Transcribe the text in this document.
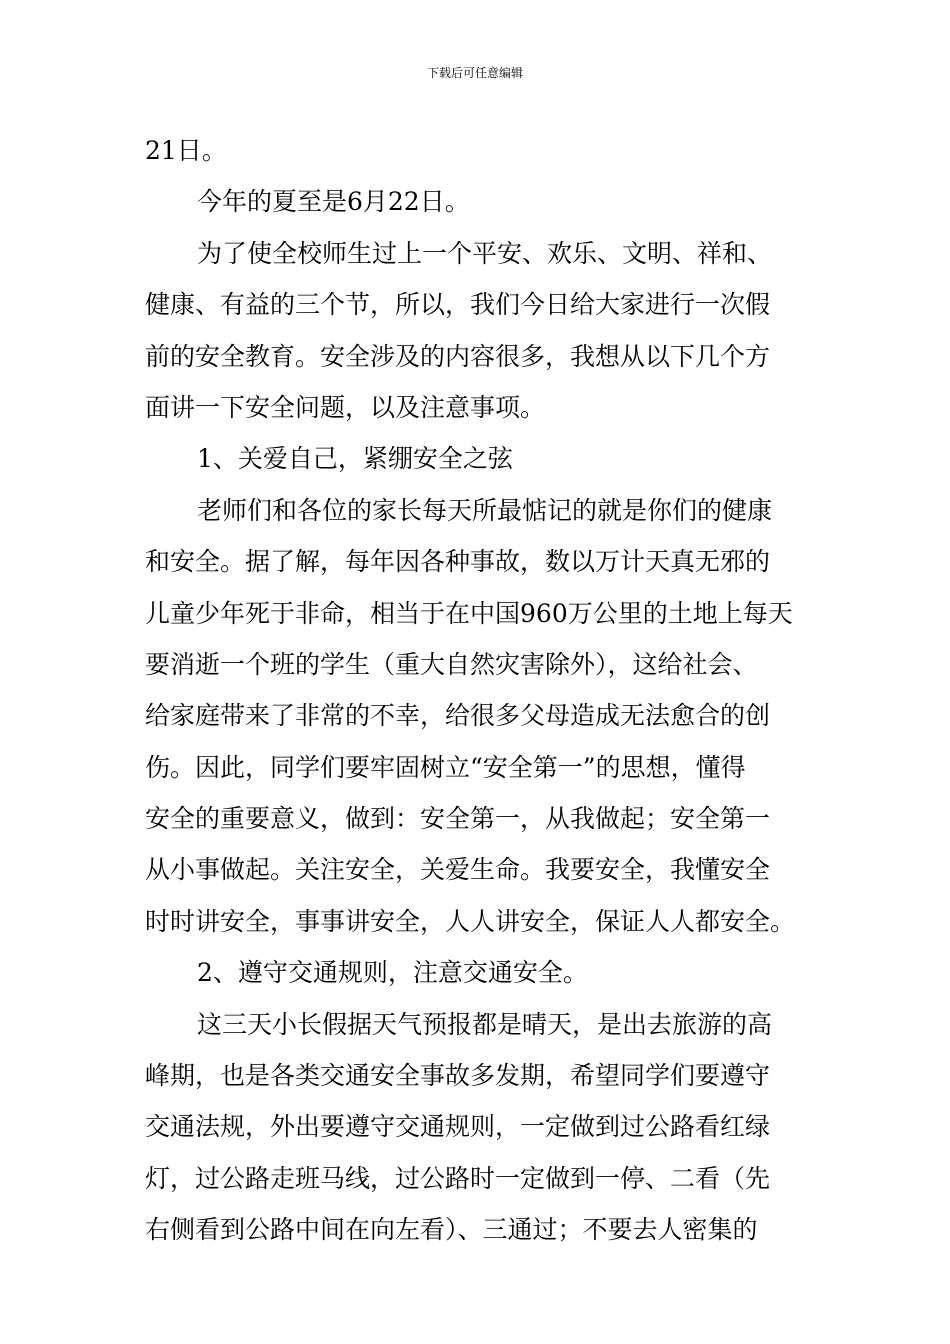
下载后可任意编辑
21日。
今年的夏至是6月22日。
为了使全校师生过上一个平安、欢乐、文明、祥和、
健康、有益的三个节，所以，我们今日给大家进行一次假
前的安全教育。安全涉及的内容很多，我想从以下几个方
面讲一下安全问题，以及注意事项。
1、关爱自己，紧绷安全之弦
老师们和各位的家长每天所最惦记的就是你们的健康
和安全。据了解，每年因各种事故，数以万计天真无邪的
儿童少年死于非命，相当于在中国960万公里的土地上每天
要消逝一个班的学生（重大自然灾害除外），这给社会、
给家庭带来了非常的不幸，给很多父母造成无法愈合的创
伤。因此，同学们要牢固树立“安全第一”的思想，懂得
安全的重要意义，做到：安全第一，从我做起；安全第一
从小事做起。关注安全，关爱生命。我要安全，我懂安全
时时讲安全，事事讲安全，人人讲安全，保证人人都安全。
2、遵守交通规则，注意交通安全。
这三天小长假据天气预报都是晴天，是出去旅游的高
峰期，也是各类交通安全事故多发期，希望同学们要遵守
交通法规，外出要遵守交通规则，一定做到过公路看红绿
灯，过公路走班马线，过公路时一定做到一停、二看（先
右侧看到公路中间在向左看）、三通过；不要去人密集的
